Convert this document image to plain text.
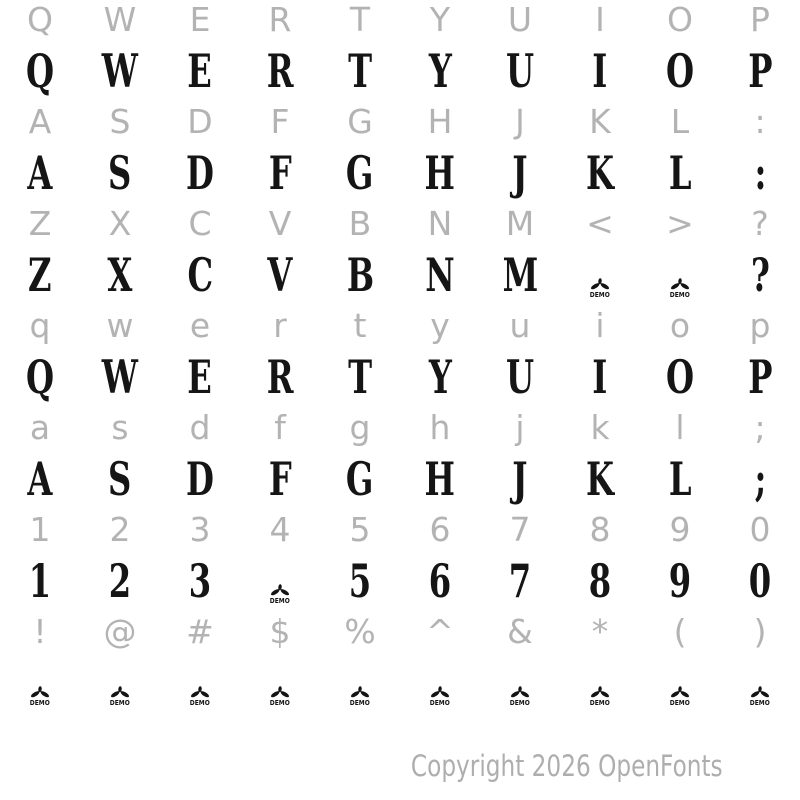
Q W E R T Y U I O P
Q W E R T Y U I O P
A S D F G H J K L :
A S D F G H J K L :
Z X C V B N M < > ?
Z X C V B N M	DEMO	DEMO ?
q w e r t y u i o p
Q W E R T Y U I O P
a s d f g h j k l ;
A S D F G H J K L ;
1 2 3 4 5 6 7 8 9 0
1 2 3	DEMO 5 6 7 8 9 0
! @ # $ % ^ & * ( )
DEMO	DEMO	DEMO	DEMO	DEMO	DEMO	DEMO	DEMO	DEMO	DEMO
Copyright 2026 OpenFonts
